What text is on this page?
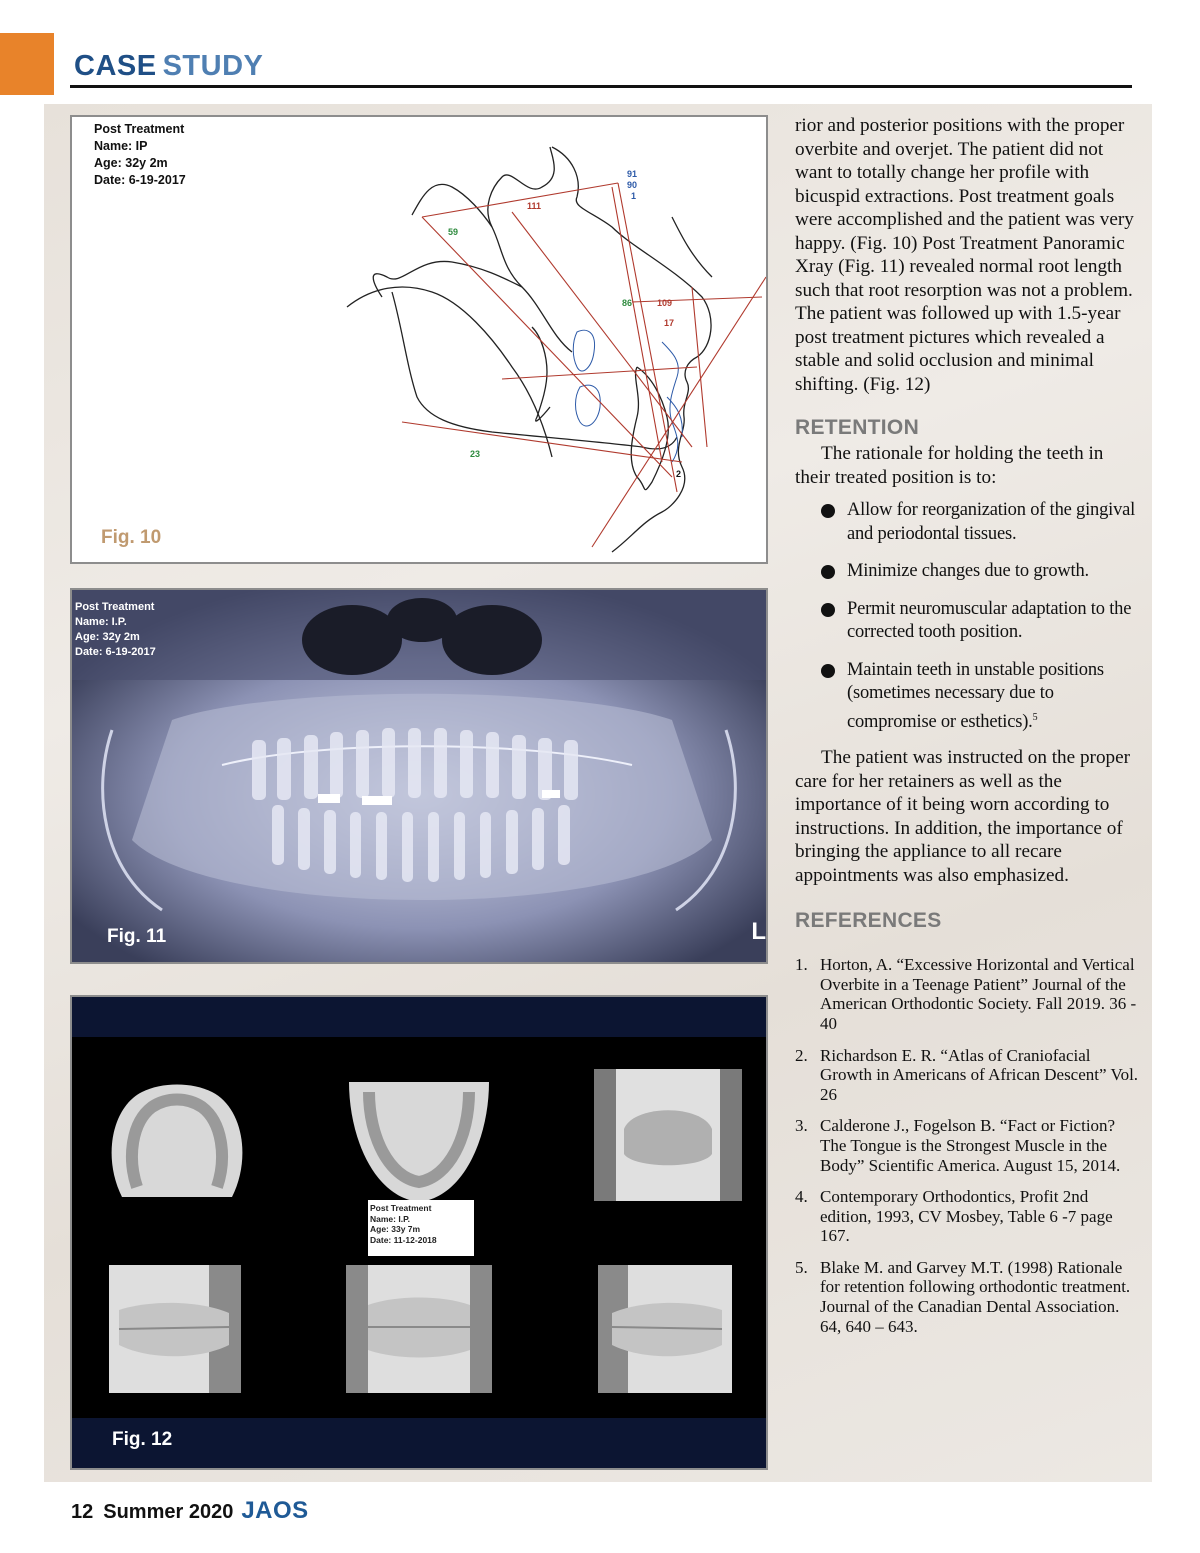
CASE STUDY
Post Treatment
Name: IP
Age: 32y 2m
Date: 6-19-2017
111
59
91
90
1
86	109
17
23
2
Fig. 10
Post Treatment
Name: I.P.
Age: 32y 2m
Date: 6-19-2017
L
Fig. 11
Post Treatment
Name: I.P.
Age: 33y 7m
Date: 11-12-2018
Fig. 12

rior and posterior positions with the proper overbite and overjet. The patient did not want to totally change her profile with bicuspid extractions. Post treatment goals were accomplished and the patient was very happy. (Fig. 10) Post Treatment Panoramic Xray (Fig. 11) revealed normal root length such that root resorption was not a problem. The patient was followed up with 1.5-year post treatment pictures which revealed a stable and solid occlusion and minimal shifting. (Fig. 12)

RETENTION

The rationale for holding the teeth in their treated position is to:

Allow for reorganization of the gingival and periodontal tissues.
Minimize changes due to growth.
Permit neuromuscular adaptation to the corrected tooth position.
Maintain teeth in unstable positions (sometimes necessary due to compromise or esthetics).$^5$

The patient was instructed on the proper care for her retainers as well as the importance of it being worn according to instructions. In addition, the importance of bringing the appliance to all recare appointments was also emphasized.

REFERENCES
1. Horton, A. “Excessive Horizontal and Vertical Overbite in a Teenage Patient” Journal of the American Orthodontic Society. Fall 2019. 36 - 40
2. Richardson E. R. “Atlas of Craniofacial Growth in Americans of African Descent” Vol. 26
3. Calderone J., Fogelson B. “Fact or Fiction? The Tongue is the Strongest Muscle in the Body” Scientific America. August 15, 2014.
4. Contemporary Orthodontics, Profit 2nd edition, 1993, CV Mosbey, Table 6 -7 page 167.
5. Blake M. and Garvey M.T. (1998) Rationale for retention following orthodontic treatment. Journal of the Canadian Dental Association. 64, 640 – 643.
12 Summer 2020 JAOS
